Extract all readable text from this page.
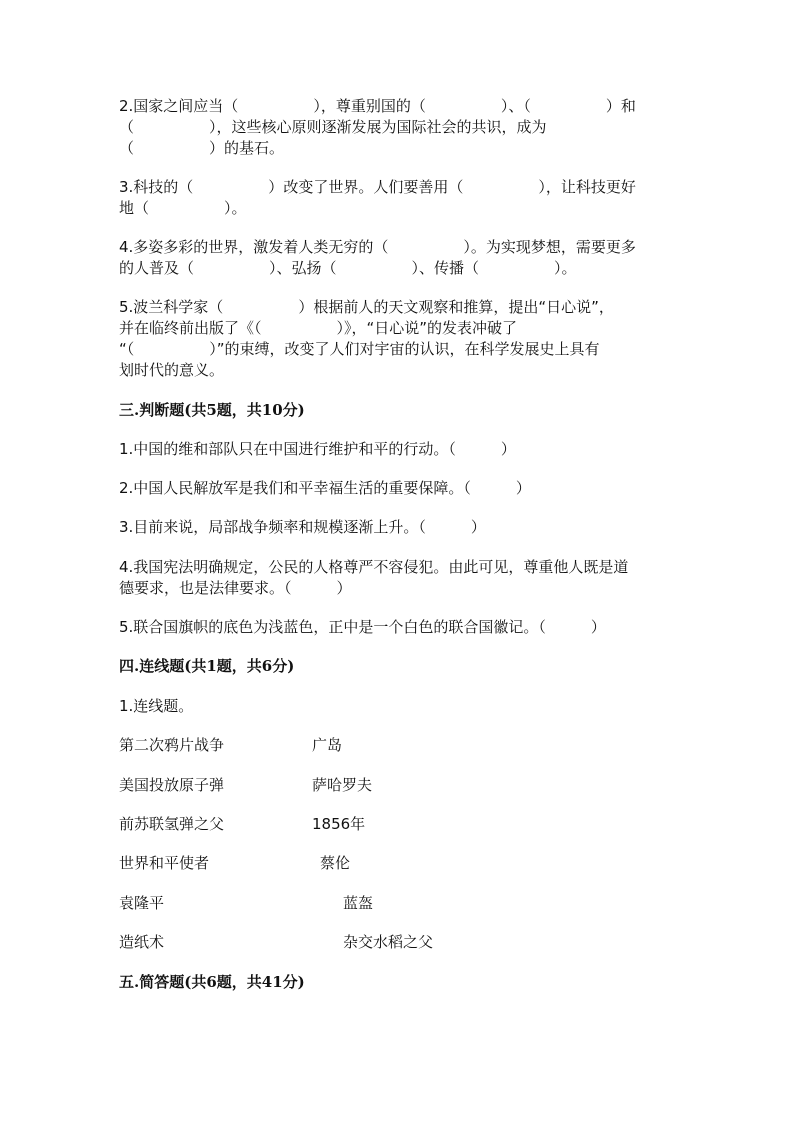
2.国家之间应当（　　　　　），尊重别国的（　　　　　）、（　　　　　）和
（　　　　　），这些核心原则逐渐发展为国际社会的共识，成为
（　　　　　）的基石。
3.科技的（　　　　　）改变了世界。人们要善用（　　　　　），让科技更好
地（　　　　　）。
4.多姿多彩的世界，激发着人类无穷的（　　　　　）。为实现梦想，需要更多
的人普及（　　　　　）、弘扬（　　　　　）、传播（　　　　　）。
5.波兰科学家（　　　　　）根据前人的天文观察和推算，提出“日心说”，
并在临终前出版了《（　　　　　）》，“日心说”的发表冲破了
“（　　　　　）”的束缚，改变了人们对宇宙的认识，在科学发展史上具有
划时代的意义。
三.判断题(共5题，共10分)
1.中国的维和部队只在中国进行维护和平的行动。（　　　）
2.中国人民解放军是我们和平幸福生活的重要保障。（　　　）
3.目前来说，局部战争频率和规模逐渐上升。（　　　）
4.我国宪法明确规定，公民的人格尊严不容侵犯。由此可见，尊重他人既是道
德要求，也是法律要求。（　　　）
5.联合国旗帜的底色为浅蓝色，正中是一个白色的联合国徽记。（　　　）
四.连线题(共1题，共6分)
1.连线题。
第二次鸦片战争	广岛
美国投放原子弹	萨哈罗夫
前苏联氢弹之父	1856年
世界和平使者	蔡伦
袁隆平	蓝盔
造纸术	杂交水稻之父
五.简答题(共6题，共41分)
